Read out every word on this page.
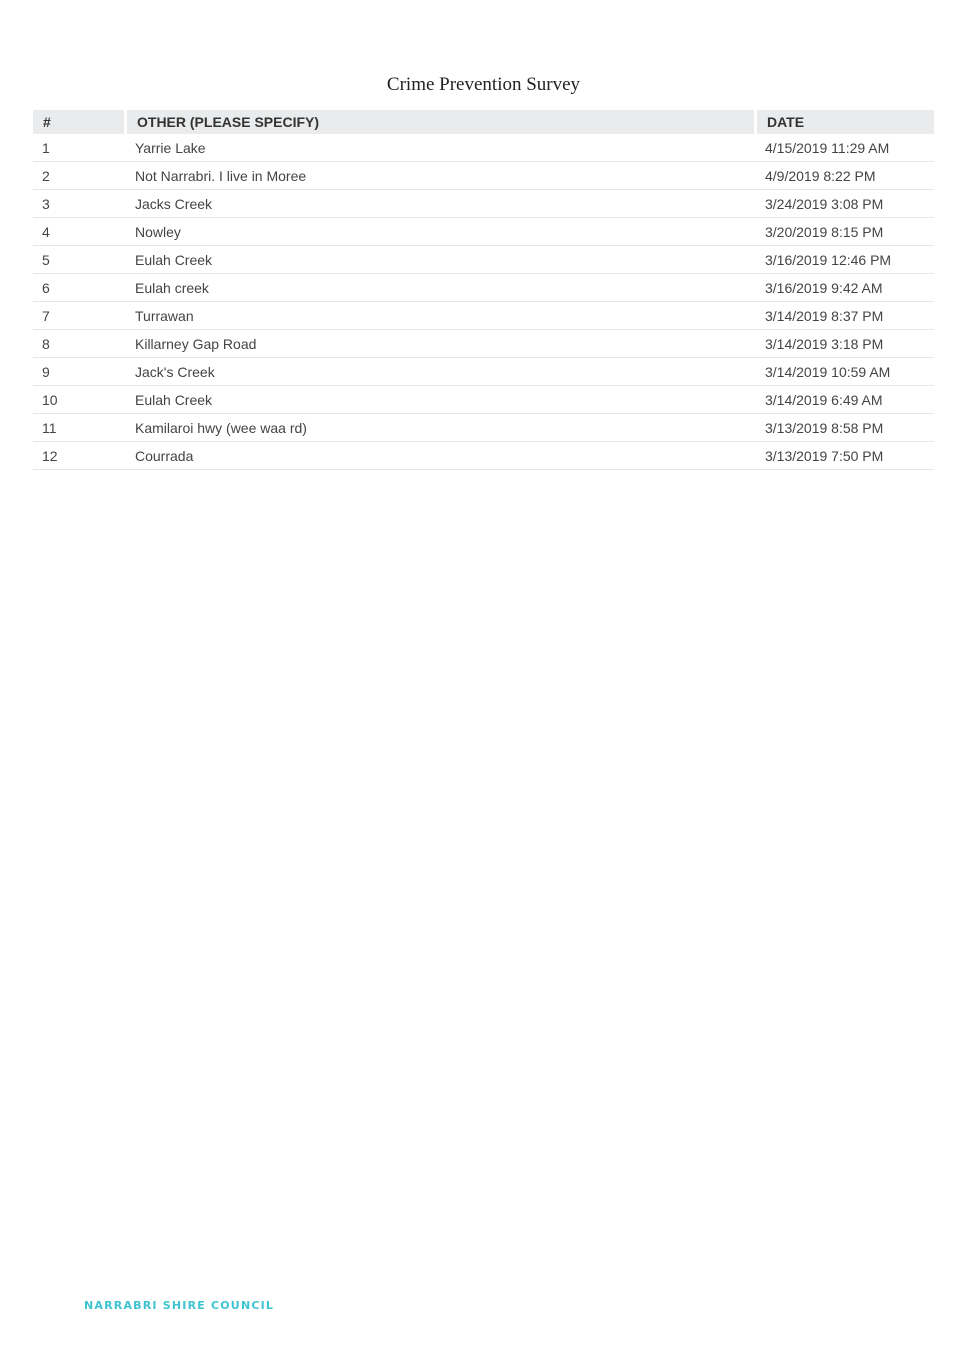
Crime Prevention Survey
#	OTHER (PLEASE SPECIFY)	DATE
1	Yarrie Lake	4/15/2019 11:29 AM
2	Not Narrabri. I live in Moree	4/9/2019 8:22 PM
3	Jacks Creek	3/24/2019 3:08 PM
4	Nowley	3/20/2019 8:15 PM
5	Eulah Creek	3/16/2019 12:46 PM
6	Eulah creek	3/16/2019 9:42 AM
7	Turrawan	3/14/2019 8:37 PM
8	Killarney Gap Road	3/14/2019 3:18 PM
9	Jack's Creek	3/14/2019 10:59 AM
10	Eulah Creek	3/14/2019 6:49 AM
11	Kamilaroi hwy (wee waa rd)	3/13/2019 8:58 PM
12	Courrada	3/13/2019 7:50 PM
NARRABRI SHIRE COUNCIL
